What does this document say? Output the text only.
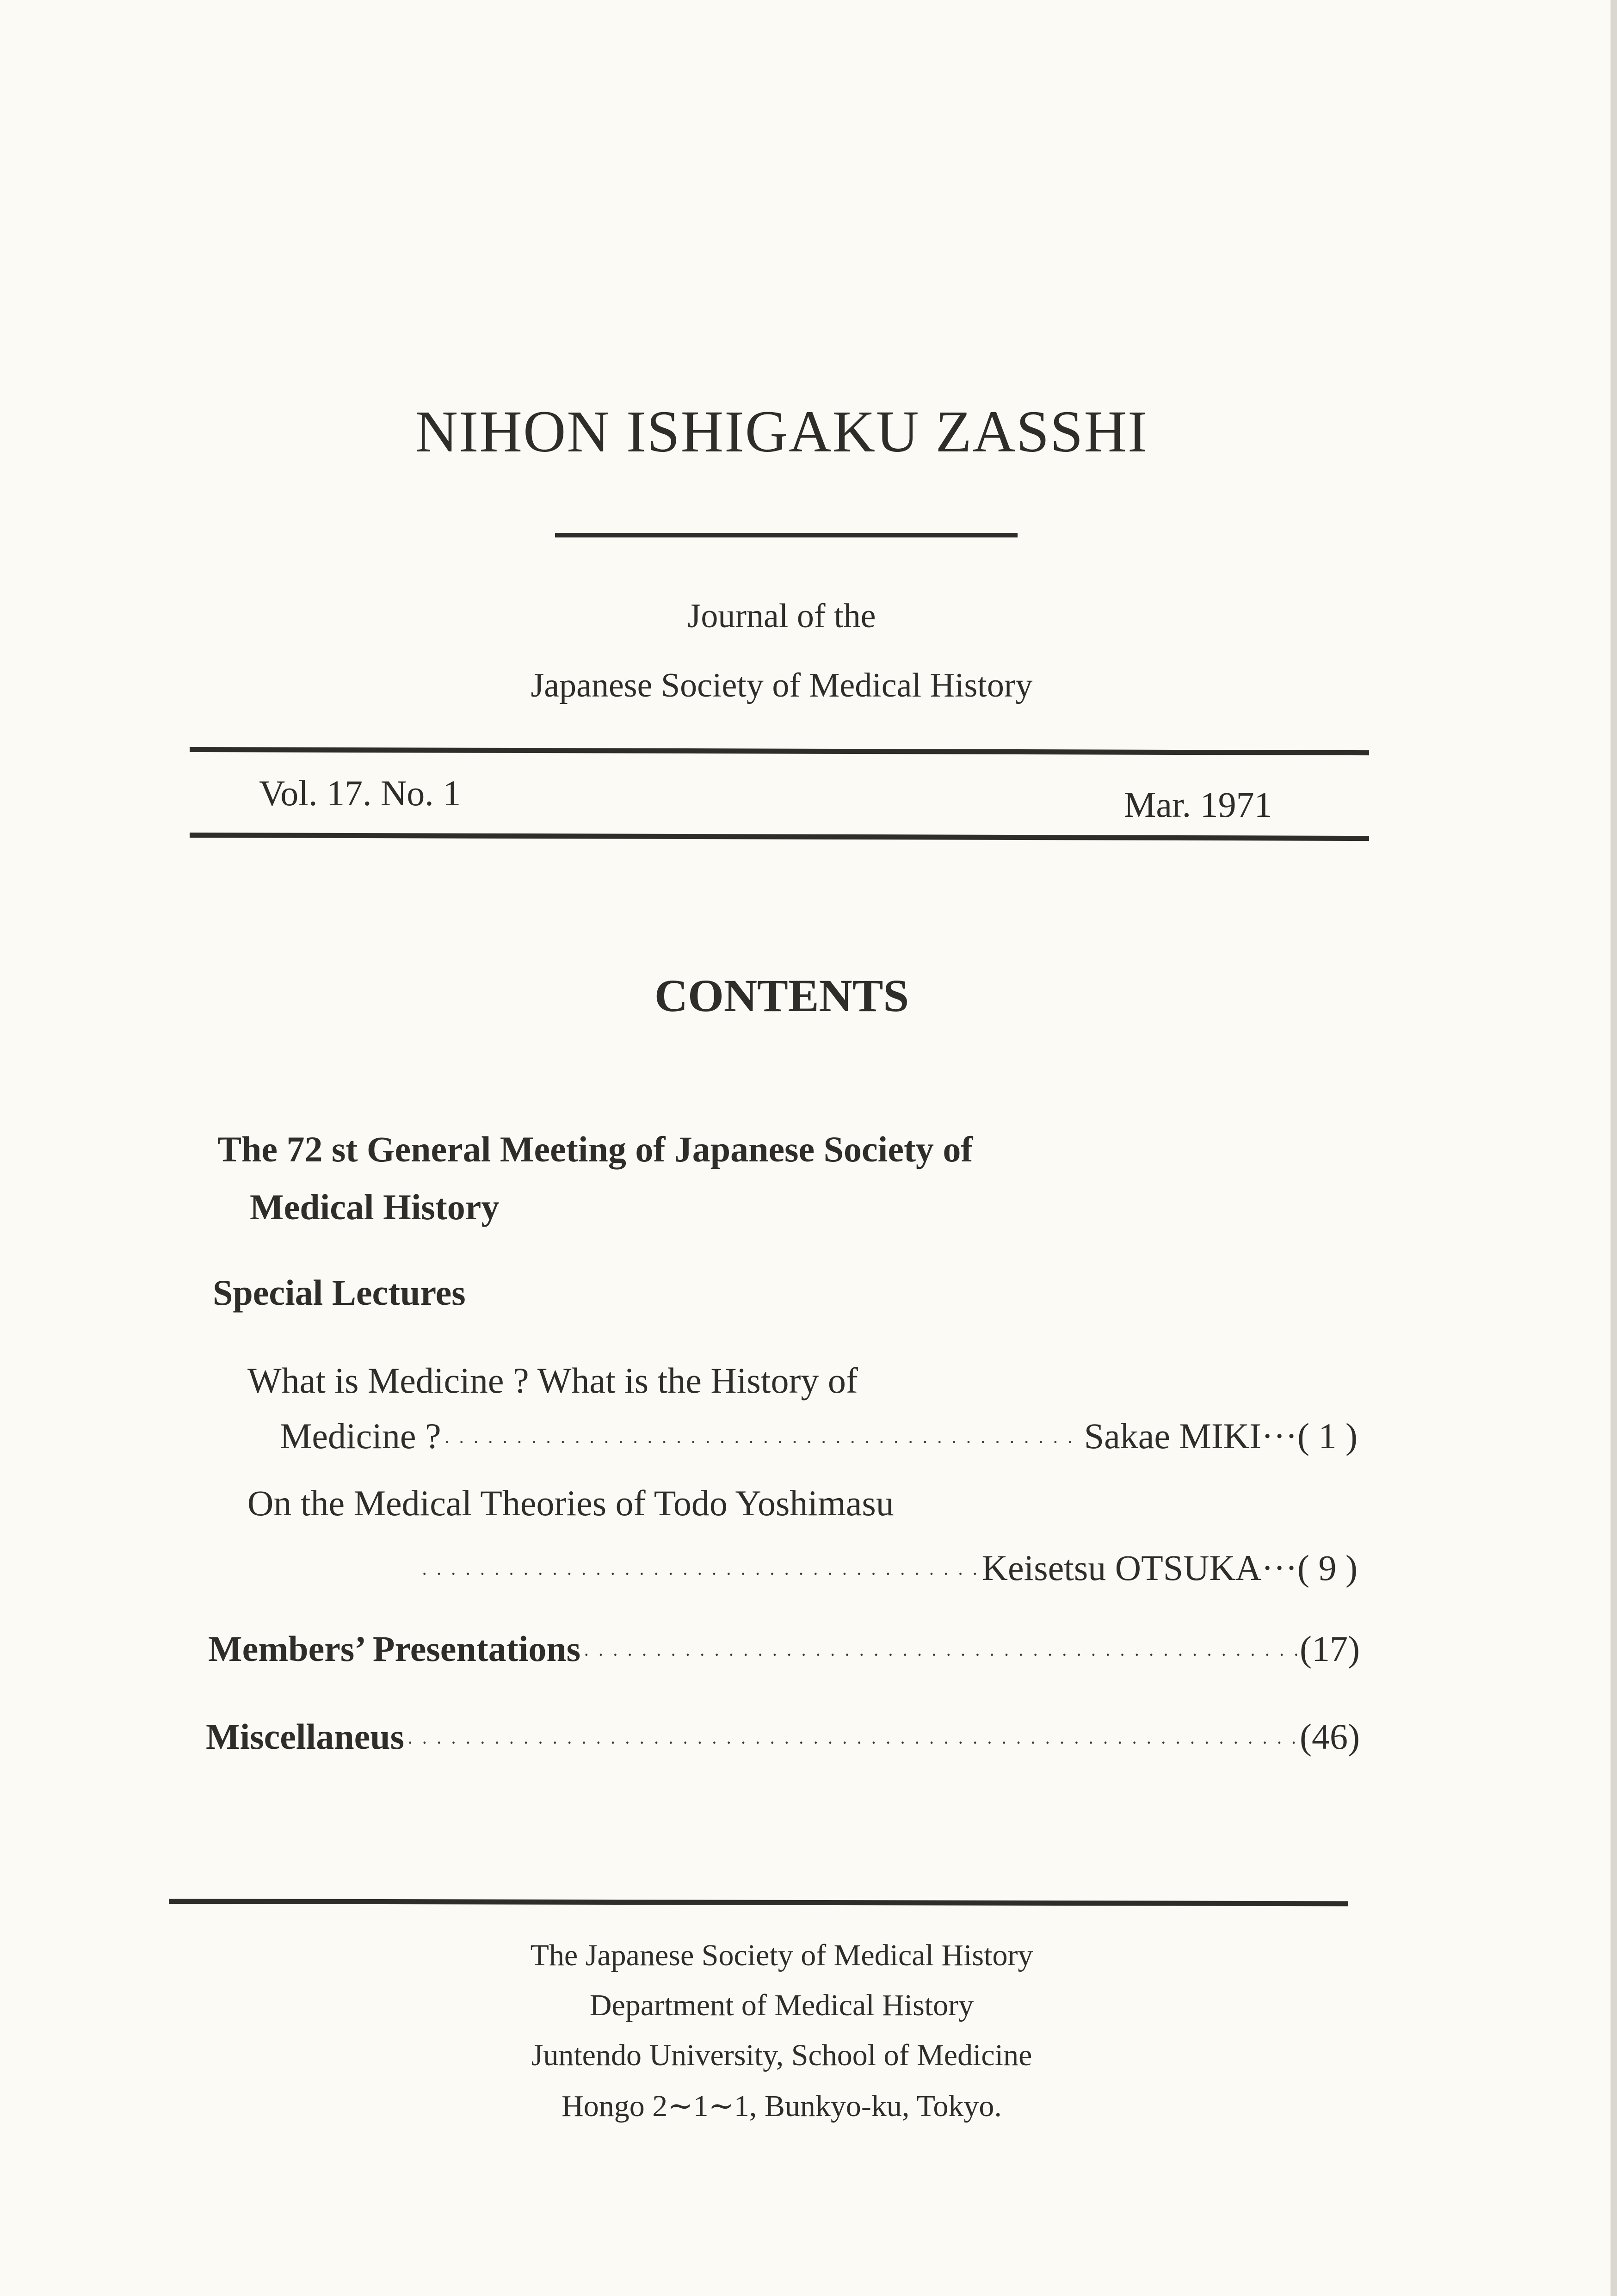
NIHON ISHIGAKU ZASSHI
Journal of the
Japanese Society of Medical History
Vol. 17. No. 1	Mar. 1971
CONTENTS
The 72 st General Meeting of Japanese Society of
Medical History
Special Lectures
What is Medicine ? What is the History of
Medicine ? · · ·	Sakae MIKI ··· ( 1 )
On the Medical Theories of Todo Yoshimasu
· · ·
Keisetsu OTSUKA ··· ( 9 )
Members’ Presentations · · ·	(17)
Miscellaneus · · ·	(46)
The Japanese Society of Medical History
Department of Medical History
Juntendo University, School of Medicine
Hongo 2∼1∼1, Bunkyo-ku, Tokyo.
